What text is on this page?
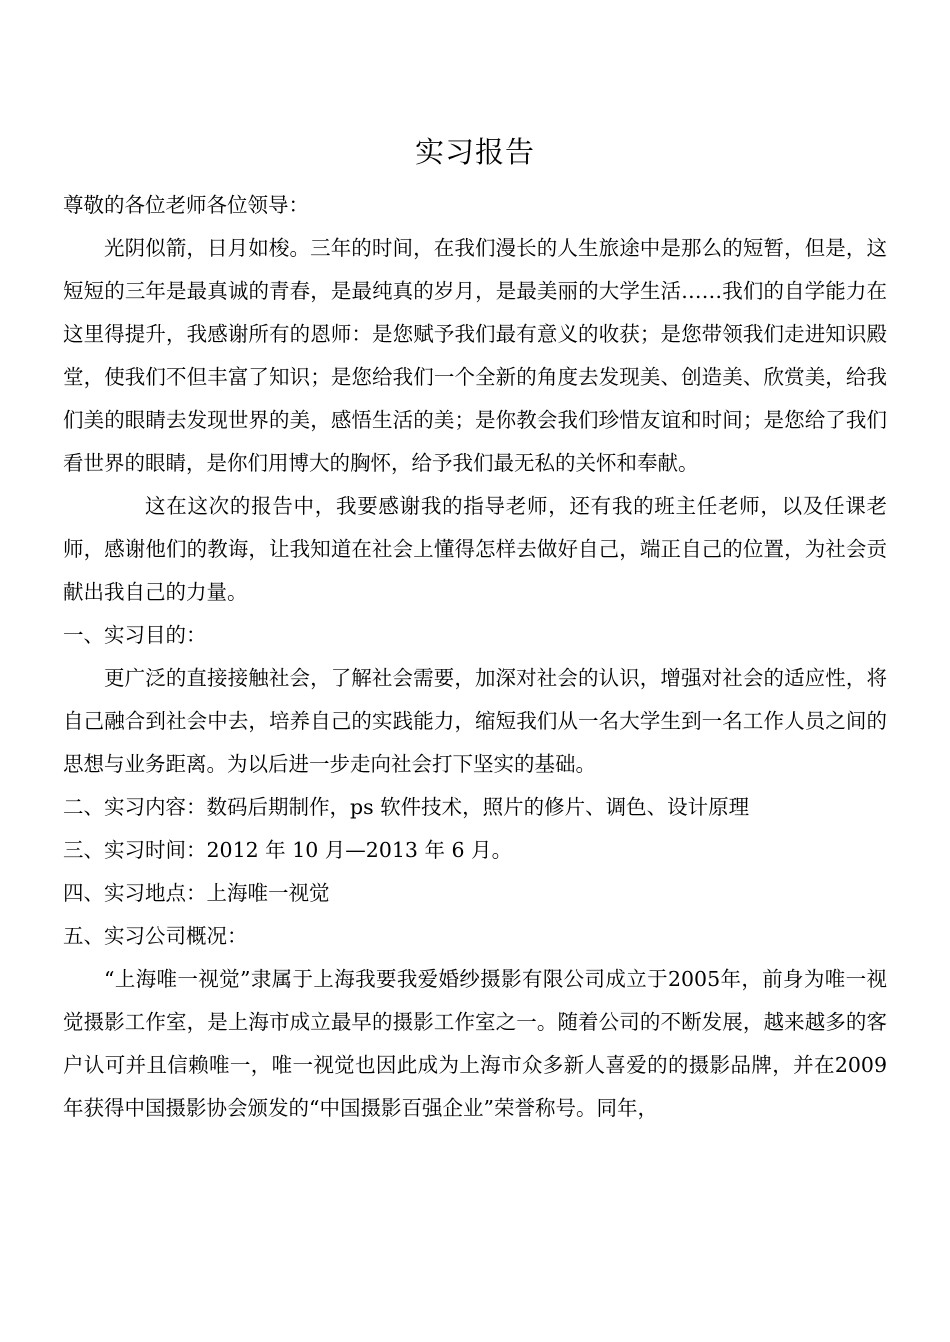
实习报告

尊敬的各位老师各位领导：

光阴似箭，日月如梭。三年的时间，在我们漫长的人生旅途中是那么的短暂，但是，这短短的三年是最真诚的青春，是最纯真的岁月，是最美丽的大学生活……我们的自学能力在这里得提升，我感谢所有的恩师：是您赋予我们最有意义的收获；是您带领我们走进知识殿堂，使我们不但丰富了知识；是您给我们一个全新的角度去发现美、创造美、欣赏美，给我们美的眼睛去发现世界的美，感悟生活的美；是你教会我们珍惜友谊和时间；是您给了我们看世界的眼睛，是你们用博大的胸怀，给予我们最无私的关怀和奉献。

这在这次的报告中，我要感谢我的指导老师，还有我的班主任老师，以及任课老师，感谢他们的教诲，让我知道在社会上懂得怎样去做好自己，端正自己的位置，为社会贡献出我自己的力量。

一、实习目的：

更广泛的直接接触社会，了解社会需要，加深对社会的认识，增强对社会的适应性，将自己融合到社会中去，培养自己的实践能力，缩短我们从一名大学生到一名工作人员之间的思想与业务距离。为以后进一步走向社会打下坚实的基础。

二、实习内容：数码后期制作，ps 软件技术，照片的修片、调色、设计原理

三、实习时间：2012 年 10 月—2013 年 6 月。

四、实习地点：上海唯一视觉

五、实习公司概况：

“上海唯一视觉”隶属于上海我要我爱婚纱摄影有限公司成立于2005年，前身为唯一视觉摄影工作室，是上海市成立最早的摄影工作室之一。随着公司的不断发展，越来越多的客户认可并且信赖唯一，唯一视觉也因此成为上海市众多新人喜爱的的摄影品牌，并在2009年获得中国摄影协会颁发的“中国摄影百强企业”荣誉称号。同年，
